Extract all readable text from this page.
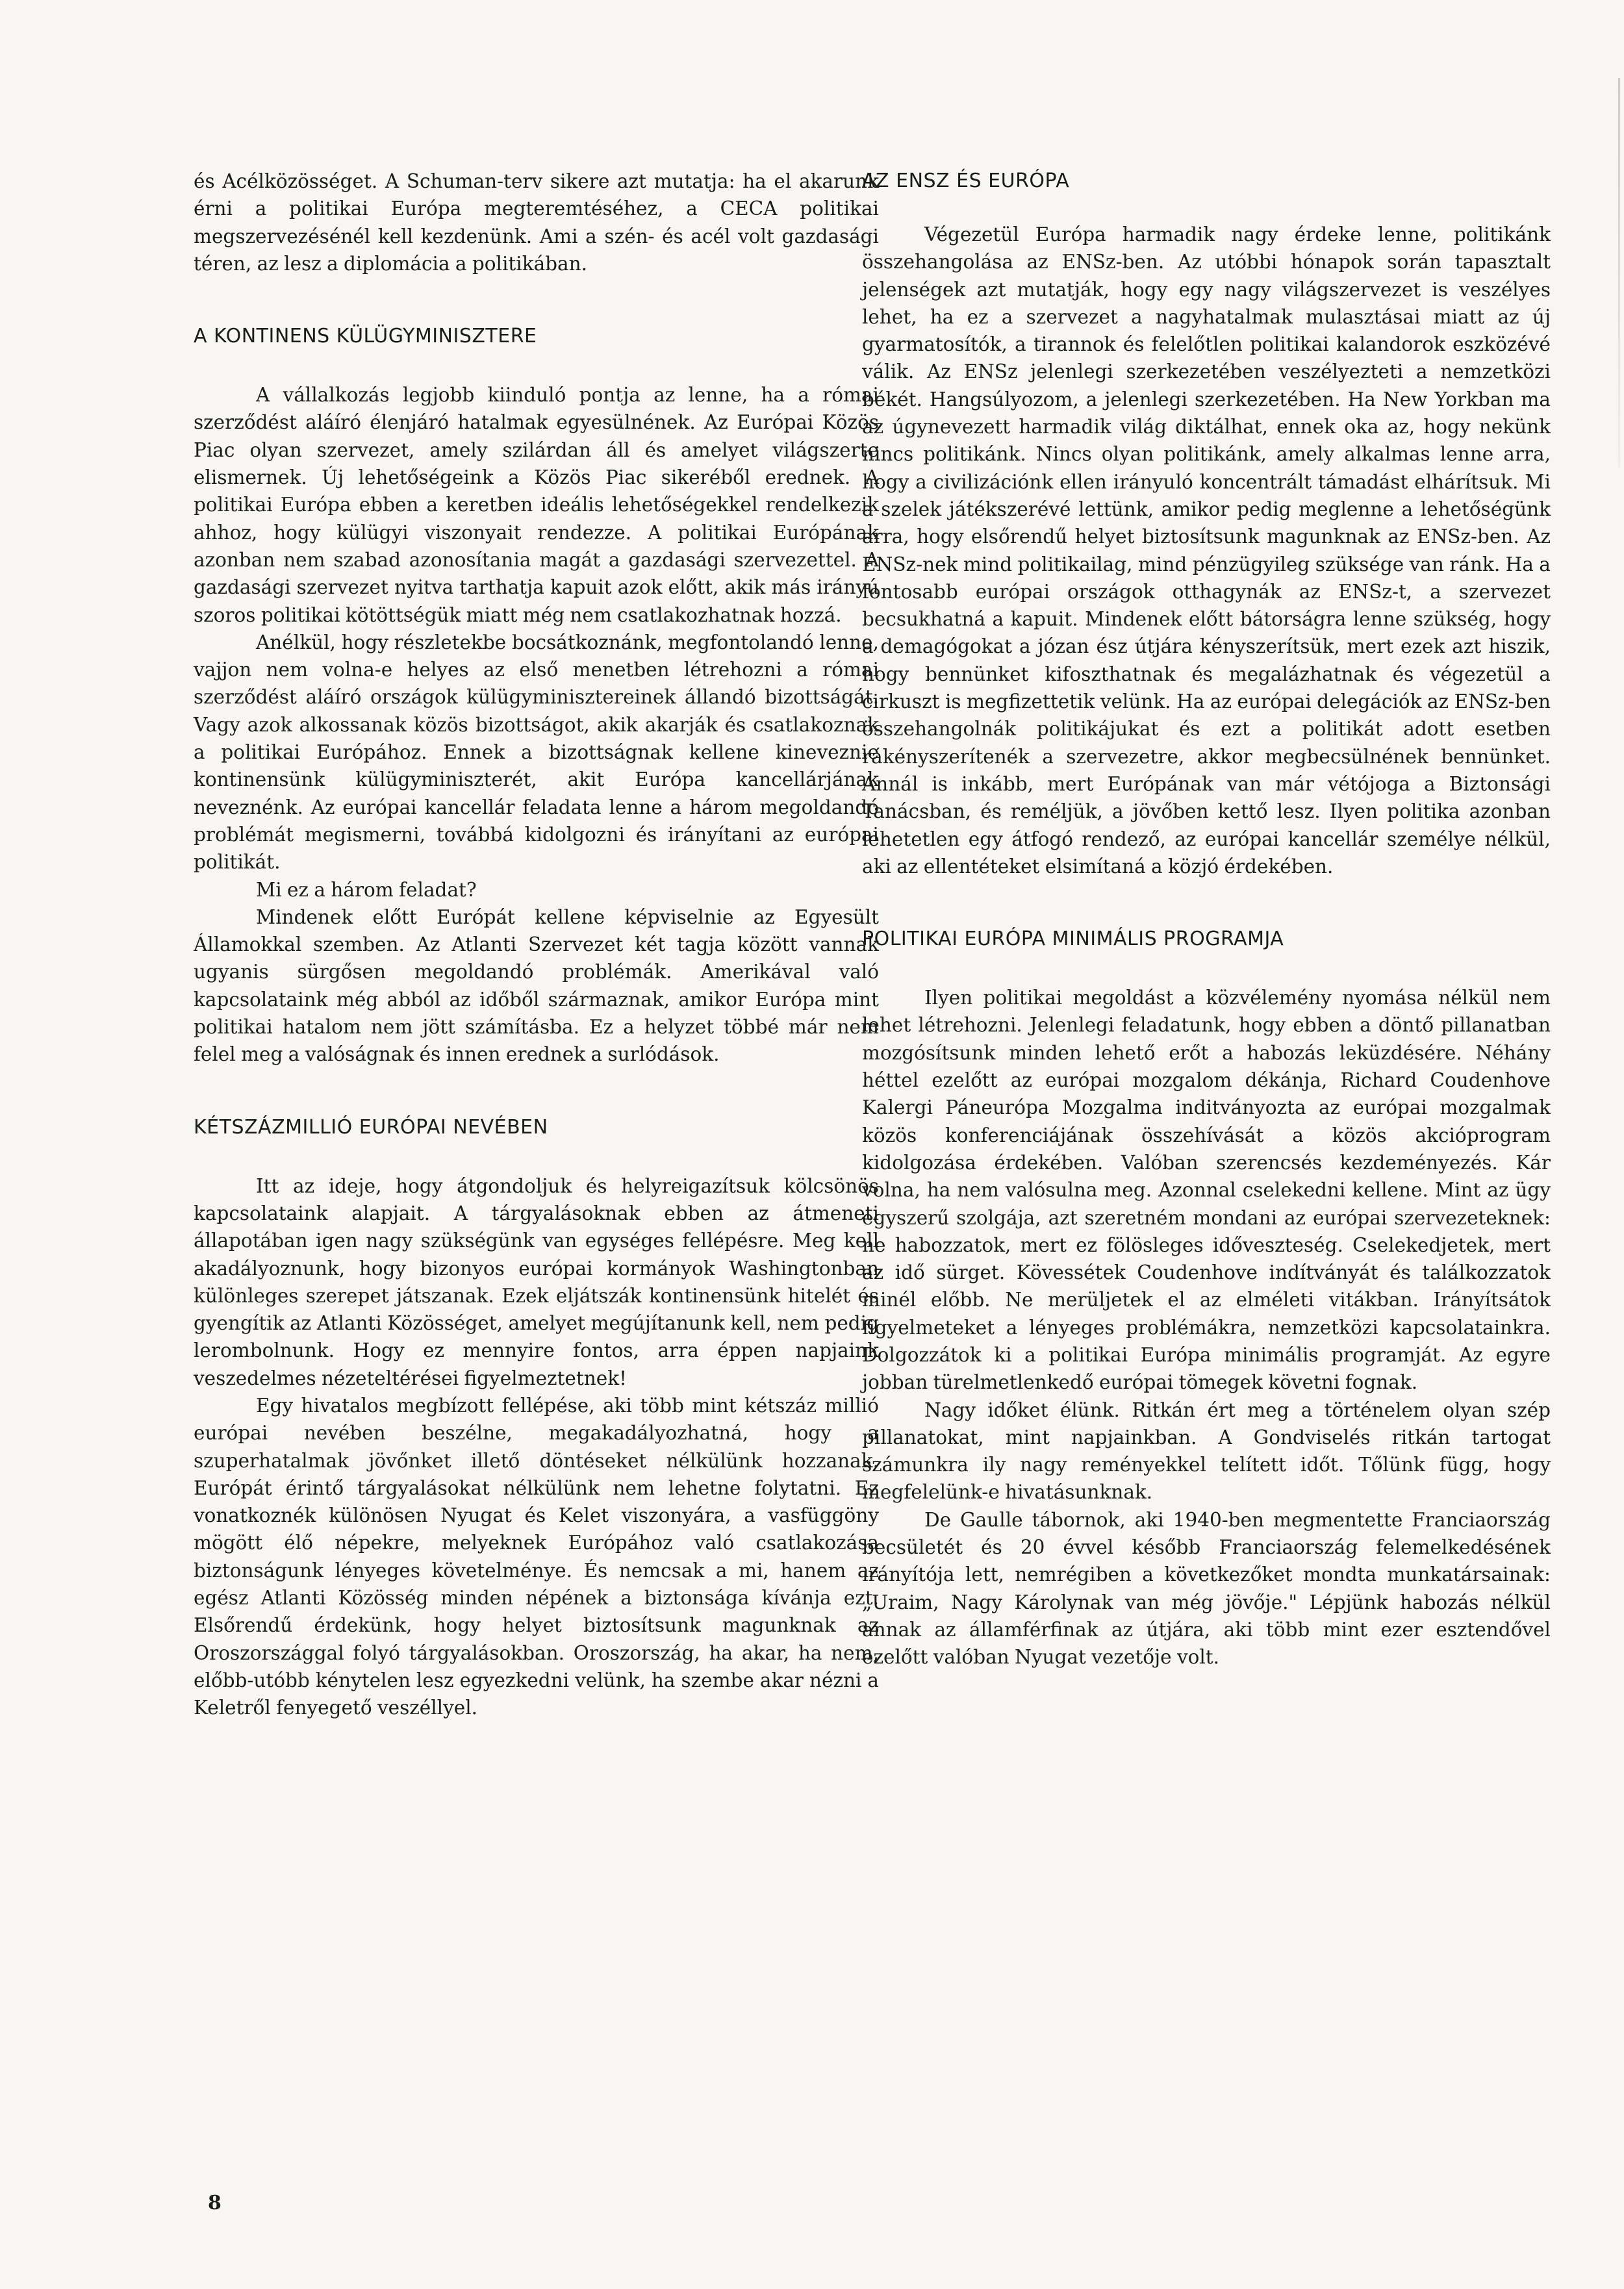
és Acélközösséget. A Schuman-terv sikere azt mutatja: ha el akarunk érni a politikai Európa megteremtéséhez, a CECA politikai megszervezésénél kell kezdenünk. Ami a szén- és acél volt gazdasági téren, az lesz a diplomácia a politikában.

A KONTINENS KÜLÜGYMINISZTERE

A vállalkozás legjobb kiinduló pontja az lenne, ha a római szerződést aláíró élenjáró hatalmak egyesülnének. Az Európai Közös Piac olyan szervezet, amely szilárdan áll és amelyet világszerte elismernek. Új lehetőségeink a Közös Piac sikeréből erednek. A politikai Európa ebben a keretben ideális lehetőségekkel rendelkezik ahhoz, hogy külügyi viszonyait rendezze. A politikai Európának azonban nem szabad azonosítania magát a gazdasági szervezettel. A gazdasági szervezet nyitva tarthatja kapuit azok előtt, akik más irányú szoros politikai kötöttségük miatt még nem csatlakozhatnak hozzá.

Anélkül, hogy részletekbe bocsátkoznánk, megfontolandó lenne, vajjon nem volna-e helyes az első menetben létrehozni a római szerződést aláíró országok külügyminisztereinek állandó bizottságát. Vagy azok alkossanak közös bizottságot, akik akarják és csatlakoznak a politikai Európához. Ennek a bizottságnak kellene kineveznie kontinensünk külügyminiszterét, akit Európa kancellárjának neveznénk. Az európai kancellár feladata lenne a három megoldandó problémát megismerni, továbbá kidolgozni és irányítani az európai politikát.

Mi ez a három feladat?

Mindenek előtt Európát kellene képviselnie az Egyesült Államokkal szemben. Az Atlanti Szervezet két tagja között vannak ugyanis sürgősen megoldandó problémák. Amerikával való kapcsolataink még abból az időből származnak, amikor Európa mint politikai hatalom nem jött számításba. Ez a helyzet többé már nem felel meg a valóságnak és innen erednek a surlódások.

KÉTSZÁZMILLIÓ EURÓPAI NEVÉBEN

Itt az ideje, hogy átgondoljuk és helyreigazítsuk kölcsönös kapcsolataink alapjait. A tárgyalásoknak ebben az átmeneti állapotában igen nagy szükségünk van egységes fellépésre. Meg kell akadályoznunk, hogy bizonyos európai kormányok Washingtonban különleges szerepet játszanak. Ezek eljátszák kontinensünk hitelét és gyengítik az Atlanti Közösséget, amelyet megújítanunk kell, nem pedig lerombolnunk. Hogy ez mennyire fontos, arra éppen napjaink veszedelmes nézeteltérései figyelmeztetnek!

Egy hivatalos megbízott fellépése, aki több mint kétszáz millió európai nevében beszélne, megakadályozhatná, hogy a szuperhatalmak jövőnket illető döntéseket nélkülünk hozzanak. Európát érintő tárgyalásokat nélkülünk nem lehetne folytatni. Ez vonatkoznék különösen Nyugat és Kelet viszonyára, a vasfüggöny mögött élő népekre, melyeknek Európához való csatlakozása biztonságunk lényeges követelménye. És nemcsak a mi, hanem az egész Atlanti Közösség minden népének a biztonsága kívánja ezt. Elsőrendű érdekünk, hogy helyet biztosítsunk magunknak az Oroszországgal folyó tárgyalásokban. Oroszország, ha akar, ha nem, előbb-utóbb kénytelen lesz egyezkedni velünk, ha szembe akar nézni a Keletről fenyegető veszéllyel.

AZ ENSZ ÉS EURÓPA

Végezetül Európa harmadik nagy érdeke lenne, politikánk összehangolása az ENSz-ben. Az utóbbi hónapok során tapasztalt jelenségek azt mutatják, hogy egy nagy világszervezet is veszélyes lehet, ha ez a szervezet a nagyhatalmak mulasztásai miatt az új gyarmatosítók, a tirannok és felelőtlen politikai kalandorok eszközévé válik. Az ENSz jelenlegi szerkezetében veszélyezteti a nemzetközi békét. Hangsúlyozom, a jelenlegi szerkezetében. Ha New Yorkban ma az úgynevezett harmadik világ diktálhat, ennek oka az, hogy nekünk nincs politikánk. Nincs olyan politikánk, amely alkalmas lenne arra, hogy a civilizációnk ellen irányuló koncentrált támadást elhárítsuk. Mi a szelek játékszerévé lettünk, amikor pedig meglenne a lehetőségünk arra, hogy elsőrendű helyet biztosítsunk magunknak az ENSz-ben. Az ENSz-nek mind politikailag, mind pénzügyileg szüksége van ránk. Ha a fontosabb európai országok otthagynák az ENSz-t, a szervezet becsukhatná a kapuit. Mindenek előtt bátorságra lenne szükség, hogy a demagógokat a józan ész útjára kényszerítsük, mert ezek azt hiszik, hogy bennünket kifoszthatnak és megalázhatnak és végezetül a cirkuszt is megfizettetik velünk. Ha az európai delegációk az ENSz-ben összehangolnák politikájukat és ezt a politikát adott esetben rákényszerítenék a szervezetre, akkor megbecsülnének bennünket. Annál is inkább, mert Európának van már vétójoga a Biztonsági Tanácsban, és reméljük, a jövőben kettő lesz. Ilyen politika azonban lehetetlen egy átfogó rendező, az európai kancellár személye nélkül, aki az ellentéteket elsimítaná a közjó érdekében.

POLITIKAI EURÓPA MINIMÁLIS PROGRAMJA

Ilyen politikai megoldást a közvélemény nyomása nélkül nem lehet létrehozni. Jelenlegi feladatunk, hogy ebben a döntő pillanatban mozgósítsunk minden lehető erőt a habozás leküzdésére. Néhány héttel ezelőtt az európai mozgalom dékánja, Richard Coudenhove Kalergi Páneurópa Mozgalma inditványozta az európai mozgalmak közös konferenciájának összehívását a közös akcióprogram kidolgozása érdekében. Valóban szerencsés kezdeményezés. Kár volna, ha nem valósulna meg. Azonnal cselekedni kellene. Mint az ügy egyszerű szolgája, azt szeretném mondani az európai szervezeteknek: ne habozzatok, mert ez fölösleges időveszteség. Cselekedjetek, mert az idő sürget. Kövessétek Coudenhove indítványát és találkozzatok minél előbb. Ne merüljetek el az elméleti vitákban. Irányítsátok figyelmeteket a lényeges problémákra, nemzetközi kapcsolatainkra. Dolgozzátok ki a politikai Európa minimális programját. Az egyre jobban türelmetlenkedő európai tömegek követni fognak.

Nagy időket élünk. Ritkán ért meg a történelem olyan szép pillanatokat, mint napjainkban. A Gondviselés ritkán tartogat számunkra ily nagy reményekkel telített időt. Tőlünk függ, hogy megfelelünk-e hivatásunknak.

De Gaulle tábornok, aki 1940-ben megmentette Franciaország becsületét és 20 évvel később Franciaország felemelkedésének irányítója lett, nemrégiben a következőket mondta munkatársainak: „Uraim, Nagy Károlynak van még jövője." Lépjünk habozás nélkül annak az államférfinak az útjára, aki több mint ezer esztendővel ezelőtt valóban Nyugat vezetője volt.

8
